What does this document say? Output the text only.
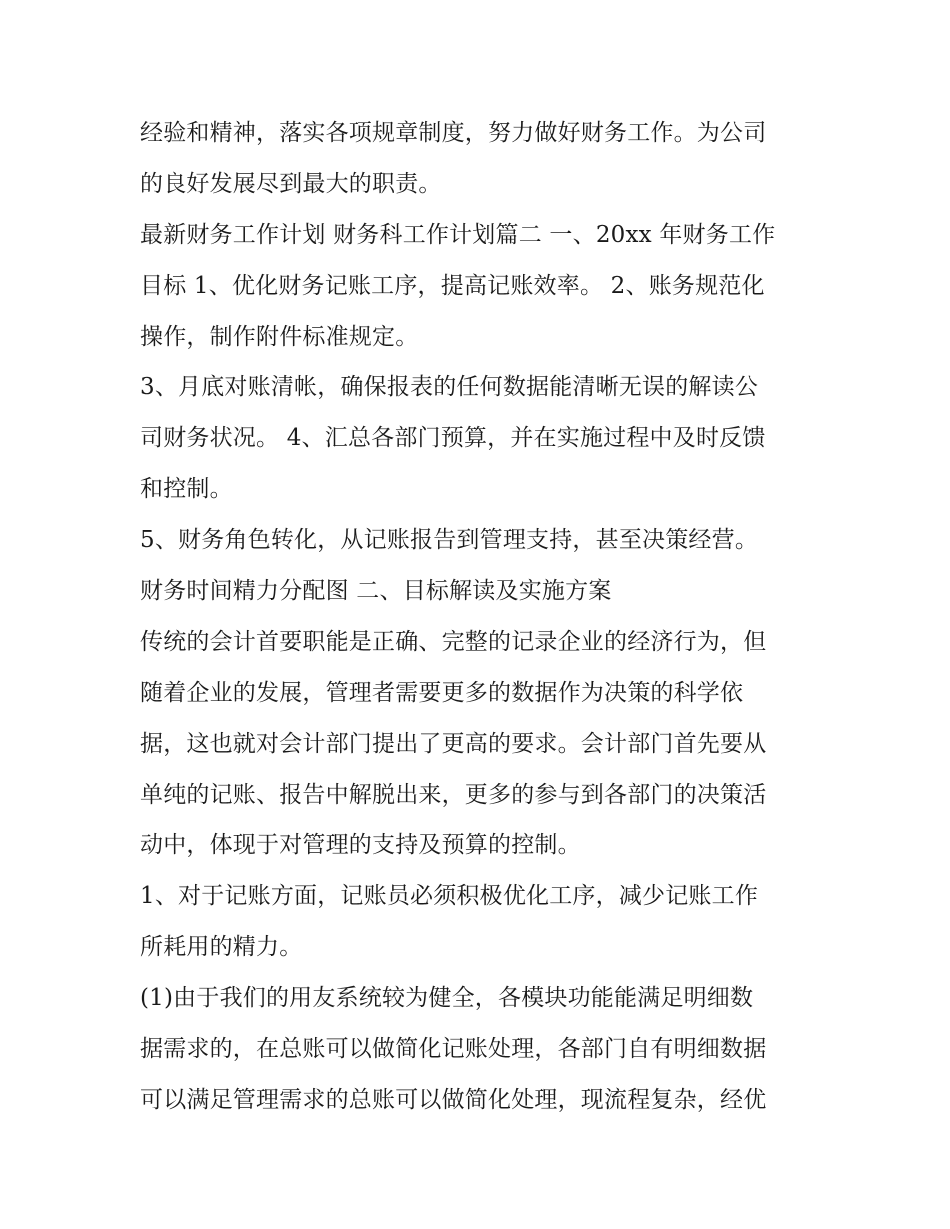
经验和精神，落实各项规章制度，努力做好财务工作。为公司
的良好发展尽到最大的职责。
最新财务工作计划 财务科工作计划篇二 一、20xx 年财务工作
目标 1、优化财务记账工序，提高记账效率。 2、账务规范化
操作，制作附件标准规定。
3、月底对账清帐，确保报表的任何数据能清晰无误的解读公
司财务状况。 4、汇总各部门预算，并在实施过程中及时反馈
和控制。
5、财务角色转化，从记账报告到管理支持，甚至决策经营。
财务时间精力分配图 二、目标解读及实施方案
传统的会计首要职能是正确、完整的记录企业的经济行为，但
随着企业的发展，管理者需要更多的数据作为决策的科学依
据，这也就对会计部门提出了更高的要求。会计部门首先要从
单纯的记账、报告中解脱出来，更多的参与到各部门的决策活
动中，体现于对管理的支持及预算的控制。
1、对于记账方面，记账员必须积极优化工序，减少记账工作
所耗用的精力。
(1)由于我们的用友系统较为健全，各模块功能能满足明细数
据需求的，在总账可以做简化记账处理，各部门自有明细数据
可以满足管理需求的总账可以做简化处理，现流程复杂，经优
